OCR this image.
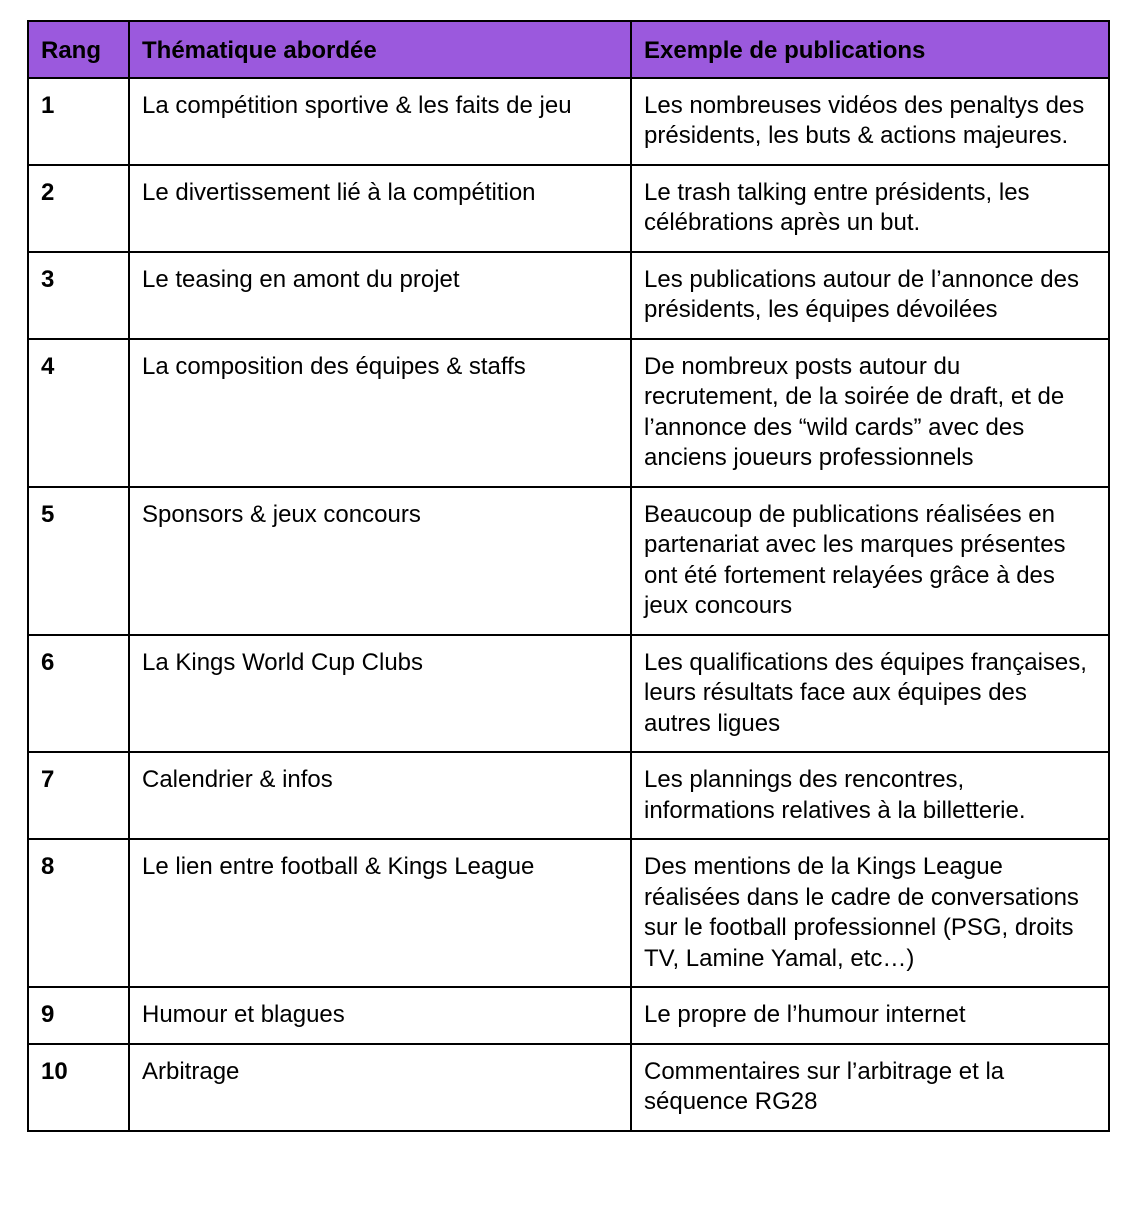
Rang	Thématique abordée	Exemple de publications
1	La compétition sportive & les faits de jeu	Les nombreuses vidéos des penaltys des présidents, les buts & actions majeures.
2	Le divertissement lié à la compétition	Le trash talking entre présidents, les célébrations après un but.
3	Le teasing en amont du projet	Les publications autour de l’annonce des présidents, les équipes dévoilées
4	La composition des équipes & staffs	De nombreux posts autour du recrutement, de la soirée de draft, et de l’annonce des “wild cards” avec des anciens joueurs professionnels
5	Sponsors & jeux concours	Beaucoup de publications réalisées en partenariat avec les marques présentes ont été fortement relayées grâce à des jeux concours
6	La Kings World Cup Clubs	Les qualifications des équipes françaises, leurs résultats face aux équipes des autres ligues
7	Calendrier & infos	Les plannings des rencontres, informations relatives à la billetterie.
8	Le lien entre football & Kings League	Des mentions de la Kings League réalisées dans le cadre de conversations sur le football professionnel (PSG, droits TV, Lamine Yamal, etc…)
9	Humour et blagues	Le propre de l’humour internet
10	Arbitrage	Commentaires sur l’arbitrage et la séquence RG28
